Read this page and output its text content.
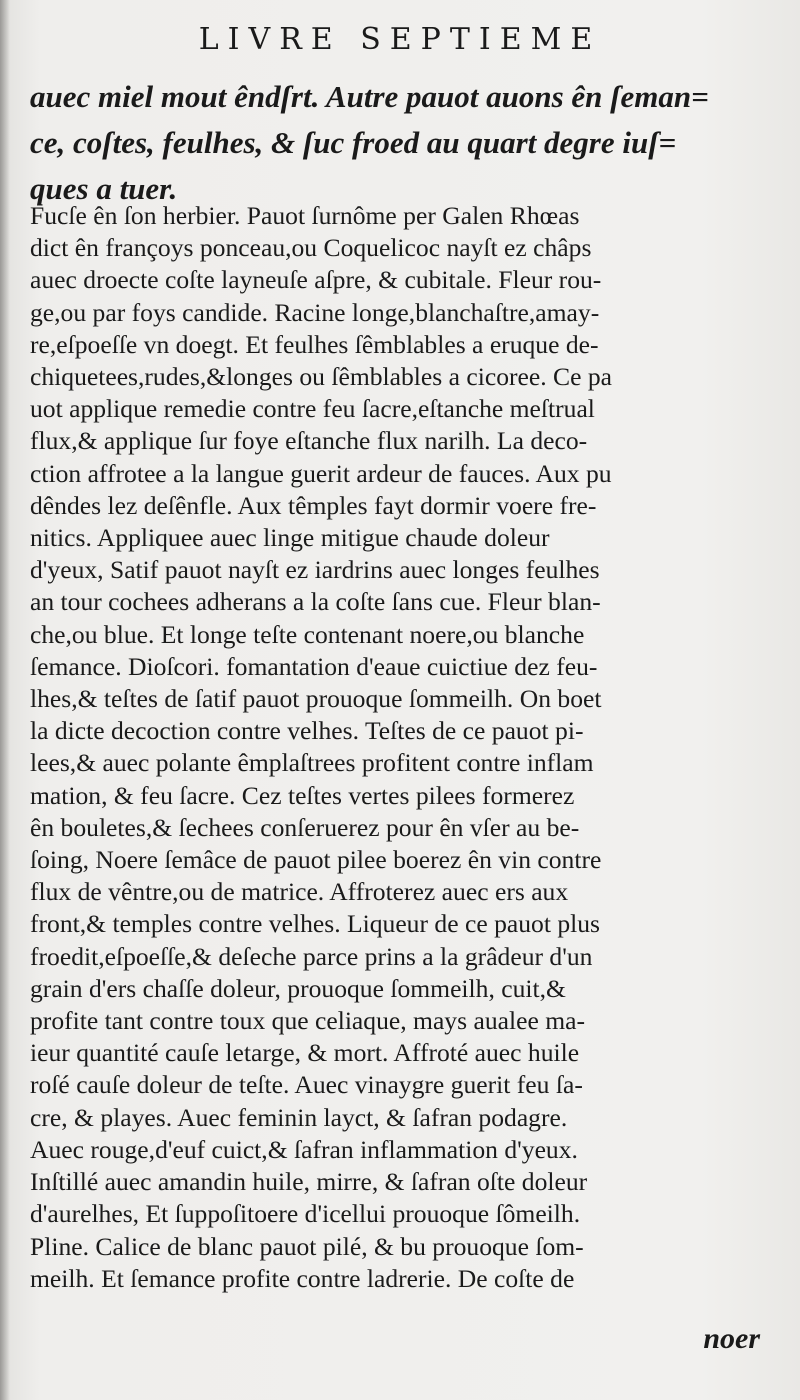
LIVRE SEPTIEME
auec miel mout êndſrt. Autre pauot auons ên ſeman=
ce, coſtes, feulhes, & ſuc froed au quart degre iuſ=
ques a tuer.
Fucſe ên ſon herbier. Pauot ſurnôme per Galen Rhœas
dict ên françoys ponceau,ou Coquelicoc nayſt ez châps
auec droecte coſte layneuſe aſpre, & cubitale. Fleur rou-
ge,ou par foys candide. Racine longe,blanchaſtre,amay-
re,eſpoeſſe vn doegt. Et feulhes ſêmblables a eruque de-
chiquetees,rudes,&longes ou ſêmblables a cicoree. Ce pa
uot applique remedie contre feu ſacre,eſtanche meſtrual
flux,& applique ſur foye eſtanche flux narilh. La deco-
ction affrotee a la langue guerit ardeur de fauces. Aux pu
dêndes lez deſênfle. Aux têmples fayt dormir voere fre-
nitics. Appliquee auec linge mitigue chaude doleur
d'yeux, Satif pauot nayſt ez iardrins auec longes feulhes
an tour cochees adherans a la coſte ſans cue. Fleur blan-
che,ou blue. Et longe teſte contenant noere,ou blanche
ſemance. Dioſcori. fomantation d'eaue cuictiue dez feu-
lhes,& teſtes de ſatif pauot prouoque ſommeilh. On boet
la dicte decoction contre velhes. Teſtes de ce pauot pi-
lees,& auec polante êmplaſtrees profitent contre inflam
mation, & feu ſacre. Cez teſtes vertes pilees formerez
ên bouletes,& ſechees conſeruerez pour ên vſer au be-
ſoing, Noere ſemâce de pauot pilee boerez ên vin contre
flux de vêntre,ou de matrice. Affroterez auec ers aux
front,& temples contre velhes. Liqueur de ce pauot plus
froedit,eſpoeſſe,& deſeche parce prins a la grâdeur d'un
grain d'ers chaſſe doleur, prouoque ſommeilh, cuit,&
profite tant contre toux que celiaque, mays aualee ma-
ieur quantité cauſe letarge, & mort. Affroté auec huile
roſé cauſe doleur de teſte. Auec vinaygre guerit feu ſa-
cre, & playes. Auec feminin layct, & ſafran podagre.
Auec rouge,d'euf cuict,& ſafran inflammation d'yeux.
Inſtillé auec amandin huile, mirre, & ſafran oſte doleur
d'aurelhes, Et ſuppoſitoere d'icellui prouoque ſômeilh.
Pline. Calice de blanc pauot pilé, & bu prouoque ſom-
meilh. Et ſemance profite contre ladrerie. De coſte de
noer
